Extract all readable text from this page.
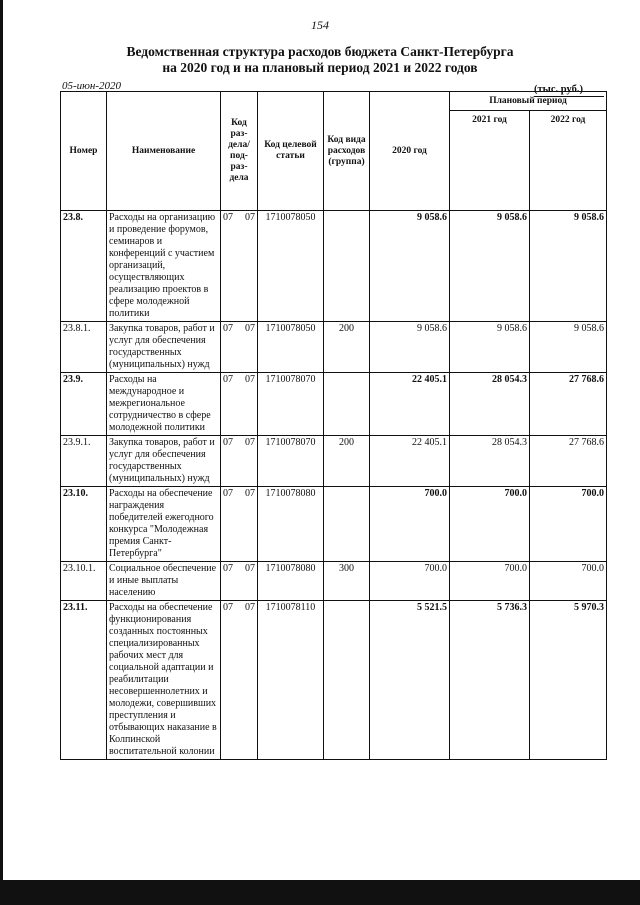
154
Ведомственная структура расходов бюджета Санкт-Петербурга
на 2020 год и на плановый период 2021 и 2022 годов
05-июн-2020	(тыс. руб.)
Номер	Наименование	Код раз-дела/ под-раз-дела	Код целевой статьи	Код вида расходов (группа)	2020 год	Плановый период	
						2021 год	2022 год
23.8.	Расходы на организацию и проведение форумов, семинаров и конференций с участием организаций, осуществляющих реализацию проектов в сфере молодежной политики	07 07	1710078050		9 058.6	9 058.6	9 058.6
23.8.1.	Закупка товаров, работ и услуг для обеспечения государственных (муниципальных) нужд	07 07	1710078050	200	9 058.6	9 058.6	9 058.6
23.9.	Расходы на международное и межрегиональное сотрудничество в сфере молодежной политики	07 07	1710078070		22 405.1	28 054.3	27 768.6
23.9.1.	Закупка товаров, работ и услуг для обеспечения государственных (муниципальных) нужд	07 07	1710078070	200	22 405.1	28 054.3	27 768.6
23.10.	Расходы на обеспечение награждения победителей ежегодного конкурса "Молодежная премия Санкт-Петербурга"	07 07	1710078080		700.0	700.0	700.0
23.10.1.	Социальное обеспечение и иные выплаты населению	07 07	1710078080	300	700.0	700.0	700.0
23.11.	Расходы на обеспечение функционирования созданных постоянных специализированных рабочих мест для социальной адаптации и реабилитации несовершеннолетних и молодежи, совершивших преступления и отбывающих наказание в Колпинской воспитательной колонии	07 07	1710078110		5 521.5	5 736.3	5 970.3
